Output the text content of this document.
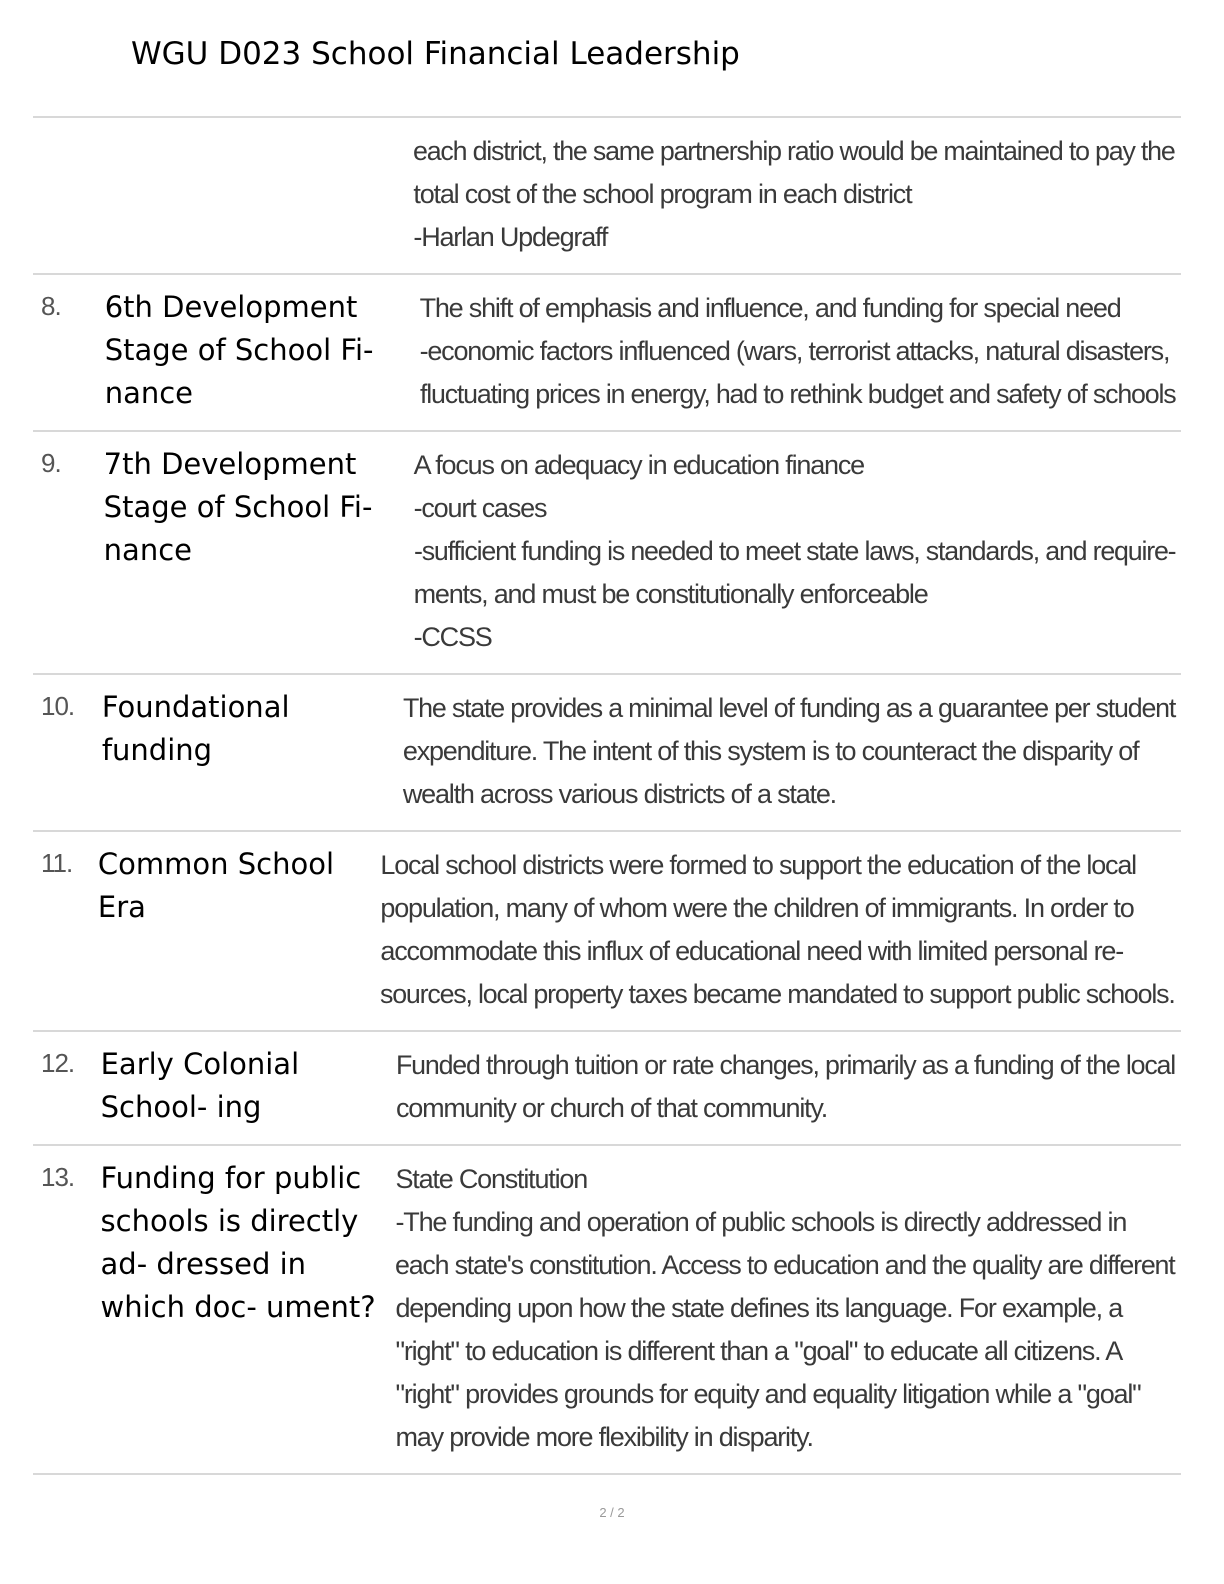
WGU D023 School Financial Leadership
each district, the same partnership ratio would be maintained to pay the
total cost of the school program in each district
-Harlan Updegraff
8.	6th Development Stage of School Fi- nance
The shift of emphasis and influence, and funding for special need
-economic factors influenced (wars, terrorist attacks, natural disasters,
fluctuating prices in energy, had to rethink budget and safety of schools
9.	7th Development Stage of School Fi- nance
A focus on adequacy in education finance
-court cases
-sufficient funding is needed to meet state laws, standards, and require-
ments, and must be constitutionally enforceable
-CCSS
10. Foundational funding
The state provides a minimal level of funding as a guarantee per student
expenditure. The intent of this system is to counteract the disparity of
wealth across various districts of a state.
11. Common School Era
Local school districts were formed to support the education of the local
population, many of whom were the children of immigrants. In order to
accommodate this influx of educational need with limited personal re-
sources, local property taxes became mandated to support public schools.
12. Early Colonial School- ing
Funded through tuition or rate changes, primarily as a funding of the local
community or church of that community.
13. Funding for public schools is directly ad- dressed in which doc- ument?
State Constitution
-The funding and operation of public schools is directly addressed in
each state's constitution. Access to education and the quality are different
depending upon how the state defines its language. For example, a
"right" to education is different than a "goal" to educate all citizens. A
"right" provides grounds for equity and equality litigation while a "goal"
may provide more flexibility in disparity.
2 / 2
